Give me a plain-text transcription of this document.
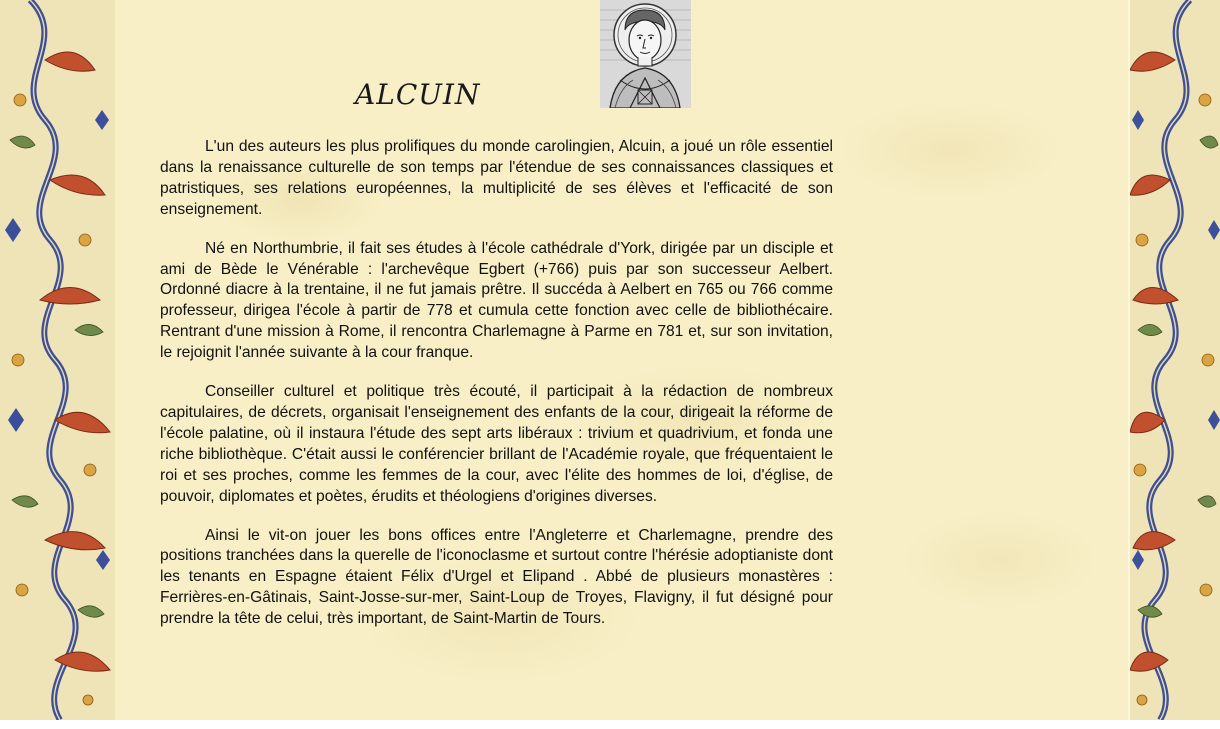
ALCUIN

L'un des auteurs les plus prolifiques du monde carolingien, Alcuin, a joué un rôle essentiel dans la renaissance culturelle de son temps par l'étendue de ses connaissances classiques et patristiques, ses relations européennes, la multiplicité de ses élèves et l'efficacité de son enseignement.

Né en Northumbrie, il fait ses études à l'école cathédrale d'York, dirigée par un disciple et ami de Bède le Vénérable : l'archevêque Egbert (+766) puis par son successeur Aelbert. Ordonné diacre à la trentaine, il ne fut jamais prêtre. Il succéda à Aelbert en 765 ou 766 comme professeur, dirigea l'école à partir de 778 et cumula cette fonction avec celle de bibliothécaire. Rentrant d'une mission à Rome, il rencontra Charlemagne à Parme en 781 et, sur son invitation, le rejoignit l'année suivante à la cour franque.

Conseiller culturel et politique très écouté, il participait à la rédaction de nombreux capitulaires, de décrets, organisait l'enseignement des enfants de la cour, dirigeait la réforme de l'école palatine, où il instaura l'étude des sept arts libéraux : trivium et quadrivium, et fonda une riche bibliothèque. C'était aussi le conférencier brillant de l'Académie royale, que fréquentaient le roi et ses proches, comme les femmes de la cour, avec l'élite des hommes de loi, d'église, de pouvoir, diplomates et poètes, érudits et théologiens d'origines diverses.

Ainsi le vit-on jouer les bons offices entre l'Angleterre et Charlemagne, prendre des positions tranchées dans la querelle de l'iconoclasme et surtout contre l'hérésie adoptianiste dont les tenants en Espagne étaient Félix d'Urgel et Elipand . Abbé de plusieurs monastères : Ferrières-en-Gâtinais, Saint-Josse-sur-mer, Saint-Loup de Troyes, Flavigny, il fut désigné pour prendre la tête de celui, très important, de Saint-Martin de Tours.
